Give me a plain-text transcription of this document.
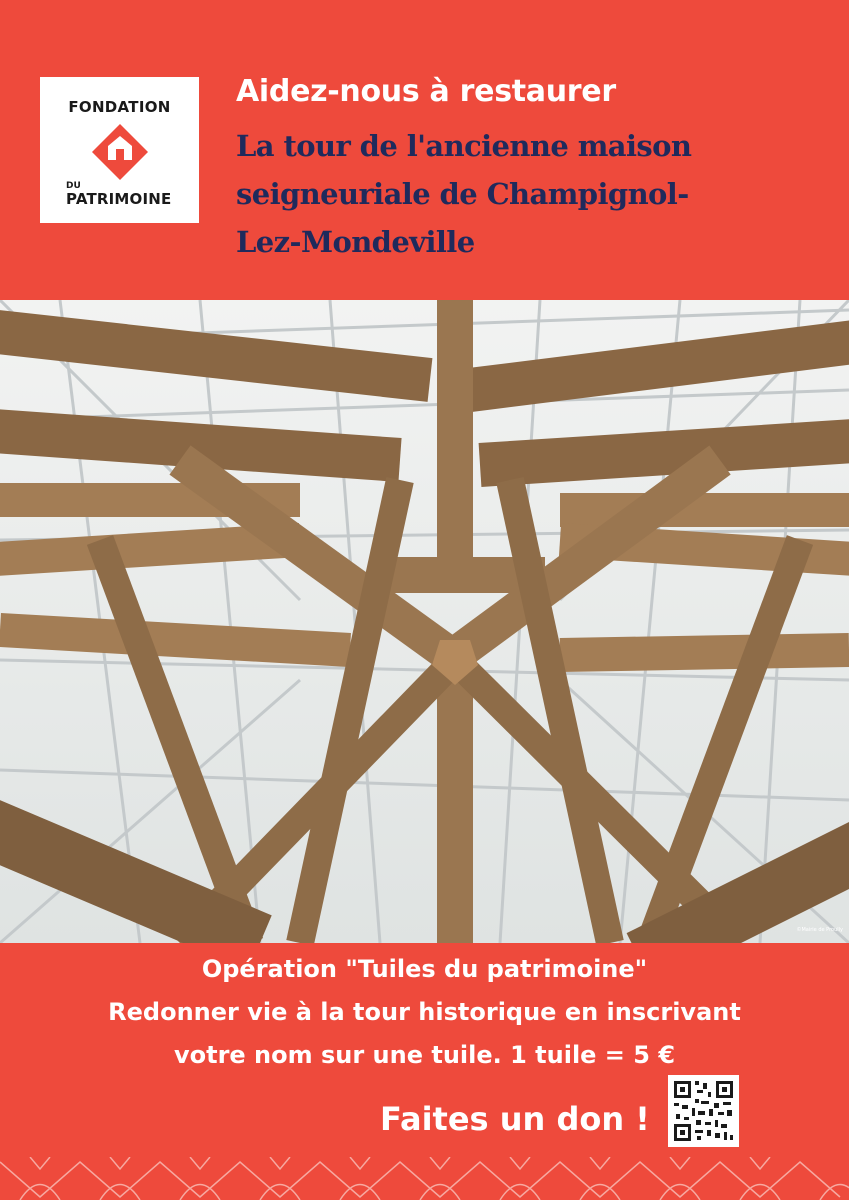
FONDATION
DU
PATRIMOINE
Aidez-nous à restaurer
La tour de l'ancienne maison
seigneuriale de Champignol-
Lez-Mondeville
©Mairie de Proully
Opération "Tuiles du patrimoine"
Redonner vie à la tour historique en inscrivant
votre nom sur une tuile. 1 tuile = 5 €
Faites un don !
